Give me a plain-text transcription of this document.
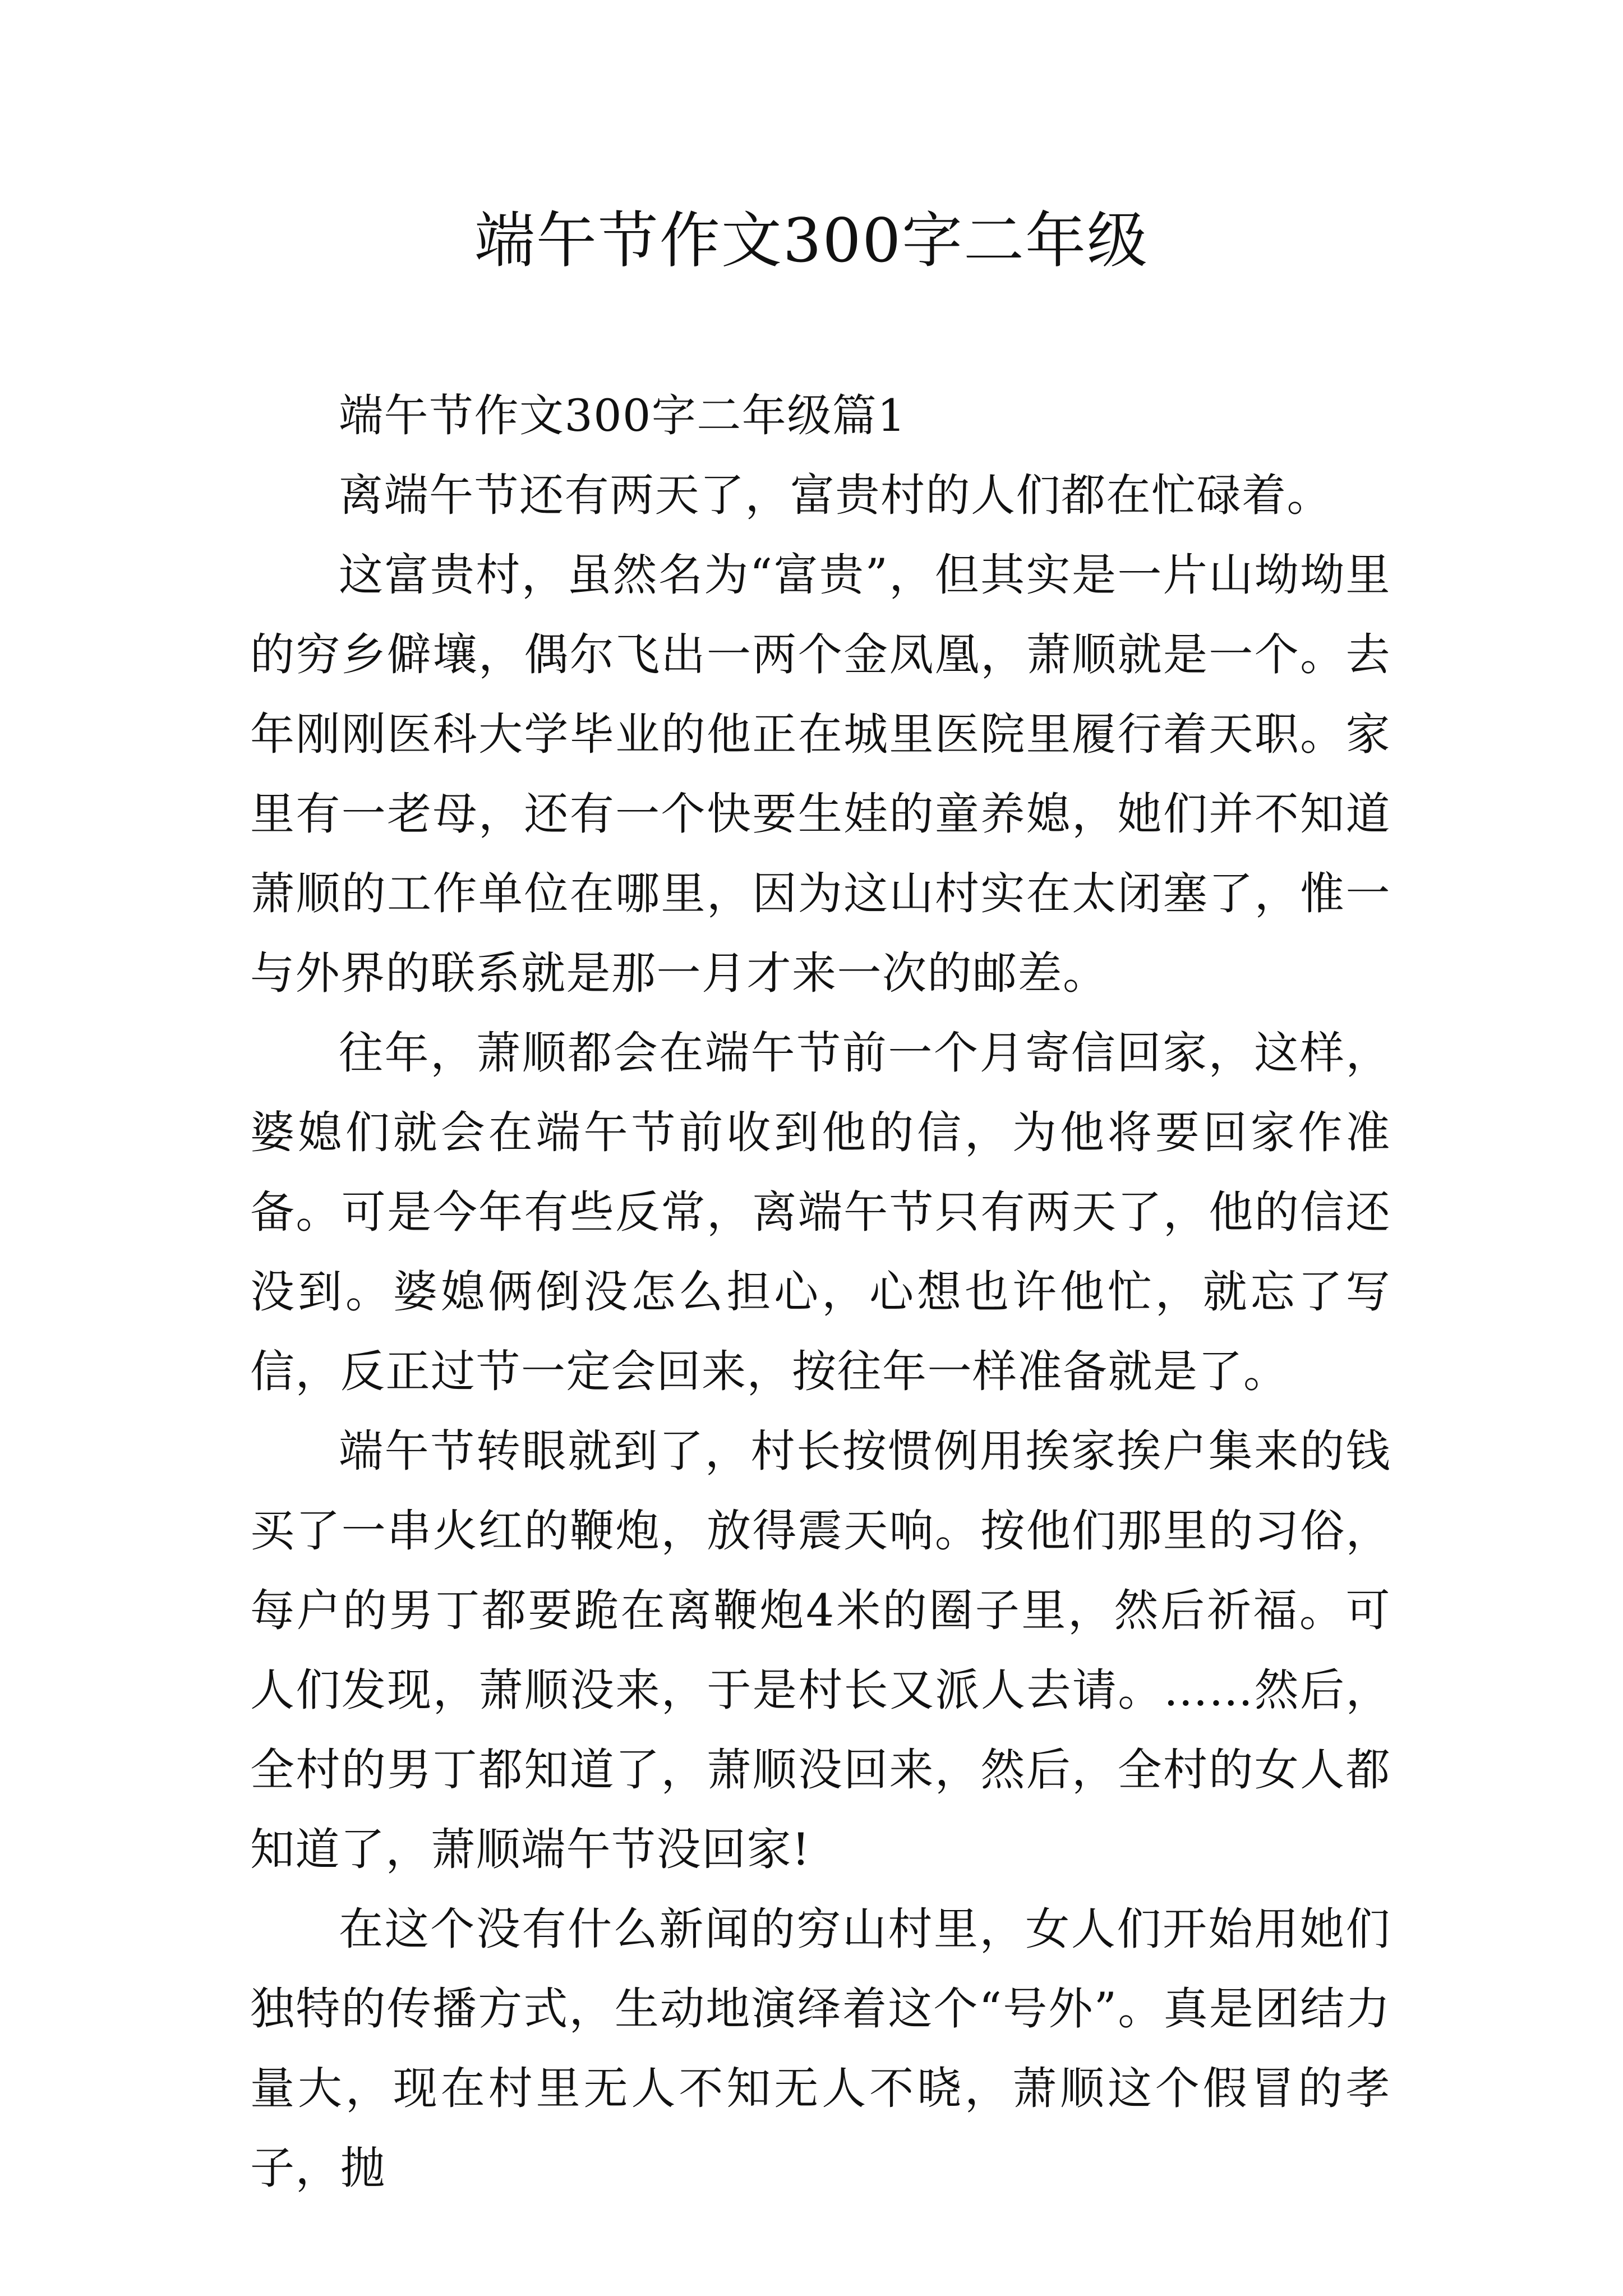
端午节作文300字二年级

端午节作文300字二年级篇1

离端午节还有两天了，富贵村的人们都在忙碌着。

这富贵村，虽然名为“富贵”，但其实是一片山坳坳里的穷乡僻壤，偶尔飞出一两个金凤凰，萧顺就是一个。去年刚刚医科大学毕业的他正在城里医院里履行着天职。家里有一老母，还有一个快要生娃的童养媳，她们并不知道萧顺的工作单位在哪里，因为这山村实在太闭塞了，惟一与外界的联系就是那一月才来一次的邮差。

往年，萧顺都会在端午节前一个月寄信回家，这样，婆媳们就会在端午节前收到他的信，为他将要回家作准备。可是今年有些反常，离端午节只有两天了，他的信还没到。婆媳俩倒没怎么担心，心想也许他忙，就忘了写信，反正过节一定会回来，按往年一样准备就是了。

端午节转眼就到了，村长按惯例用挨家挨户集来的钱买了一串火红的鞭炮，放得震天响。按他们那里的习俗，每户的男丁都要跪在离鞭炮4米的圈子里，然后祈福。可人们发现，萧顺没来，于是村长又派人去请。……然后，全村的男丁都知道了，萧顺没回来，然后，全村的女人都知道了，萧顺端午节没回家!

在这个没有什么新闻的穷山村里，女人们开始用她们独特的传播方式，生动地演绎着这个“号外”。真是团结力量大，现在村里无人不知无人不晓，萧顺这个假冒的孝子，抛
